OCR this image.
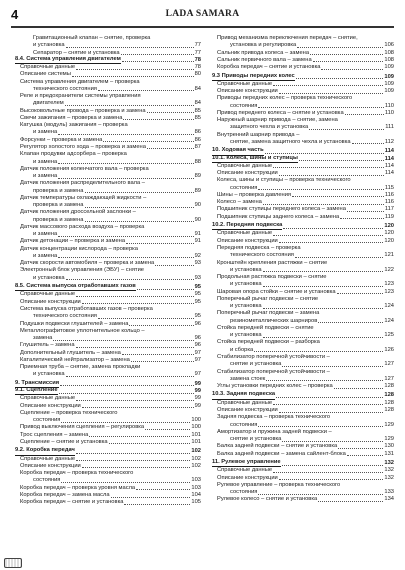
4	LADA SAMARA
Гравитационный клапан – снятие, проверка
и установка	77
Сепаратор – снятие и установка	77
8.4. Система управления двигателем	78
Справочные данные	78
Описание системы	80
Система управления двигателем – проверка
технического состояния	84
Реле и предохранители системы управления
двигателем	84
Высоковольтные провода – проверка и замена	85
Свечи зажигания – проверка и замена	85
Катушка (модуль) зажигания – проверка
и замена	86
Форсунки – проверка и замена	86
Регулятор холостого хода – проверка и замена	87
Клапан продувки адсорбера – проверка
и замена	88
Датчик положения коленчатого вала – проверка
и замена	89
Датчик положения распределительного вала –
проверка и замена	89
Датчик температуры охлаждающей жидкости –
проверка и замена	90
Датчик положения дроссельной заслонки –
проверка и замена	90
Датчик массового расхода воздуха – проверка
и замена	91
Датчик детонации – проверка и замена	91
Датчик концентрации кислорода – проверка
и замена	92
Датчик скорости автомобиля – проверка и замена	93
Электронный блок управления (ЭБУ) – снятие
и установка	93
8.5. Система выпуска отработавших газов	95
Справочные данные	95
Описание конструкции	95
Система выпуска отработавших газов – проверка
технического состояния	95
Подушки подвески глушителей – замена	96
Металлографитовое уплотнительное кольцо –
замена	96
Глушитель – замена	96
Дополнительный глушитель – замена	97
Каталитический нейтрализатор – замена	97
Приемная труба – снятие, замена прокладки
и установка	97
9. Трансмиссия	99
9.1. Сцепление	99
Справочные данные	99
Описание конструкции	99
Сцепление – проверка технического
состояния	100
Привод выключения сцепления – регулировка	100
Трос сцепления – замена	101
Сцепление – снятие и установка	101
9.2. Коробка передач	102
Справочные данные	102
Описание конструкции	102
Коробка передач – проверка технического
состояния	103
Коробка передач – проверка уровня масла	103
Коробка передач – замена масла	104
Коробка передач – снятие и установка	105
Привод механизма переключения передач – снятие,
установка и регулировка	106
Сальник привода колеса – замена	108
Сальник первичного вала – замена	108
Коробка передач – снятие и установка	109
9.3 Приводы передних колес	109
Справочные данные	109
Описание конструкции	109
Приводы передних колес – проверка технического
состояния	110
Привод переднего колеса – снятие и установка	110
Наружный шарнир привода – снятие, замена
защитного чехла и установка	111
Внутренний шарнир привода –
снятие, замена защитного чехла и установка	112
10. Ходовая часть	114
10.1. Колеса, шины и ступицы	114
Справочные данные	114
Описание конструкции	114
Колеса, шины и ступицы – проверка технического
состояния	115
Шины – проверка давления	116
Колесо – замена	116
Подшипник ступицы переднего колеса – замена	117
Подшипник ступицы заднего колеса – замена	119
10.2. Передняя подвеска	120
Справочные данные	120
Описание конструкции	120
Передняя подвеска – проверка
технического состояния	121
Кронштейн крепления растяжки – снятие
и установка	122
Продольная растяжка подвески – снятие
и установка	123
Шаровая опора стойки – снятие и установка	123
Поперечный рычаг подвески – снятие
и установка	124
Поперечный рычаг подвески – замена
резинометаллических шарниров	124
Стойка передней подвески – снятие
и установка	125
Стойка передней подвески – разборка
и сборка	126
Стабилизатор поперечной устойчивости –
снятие и установка	127
Стабилизатор поперечной устойчивости –
замена стоек	127
Углы установки передних колес – проверка	128
10.3. Задняя подвеска	128
Справочные данные	128
Описание конструкции	128
Задняя подвеска – проверка технического
состояния	129
Амортизатор и пружина задней подвески –
снятие и установка	129
Балка задней подвески – снятие и установка	130
Балка задней подвески – замена сайлент-блока	131
11. Рулевое управление	132
Справочные данные	132
Описание конструкции	132
Рулевое управление – проверка технического
состояния	133
Рулевое колесо – снятие и установка	134
